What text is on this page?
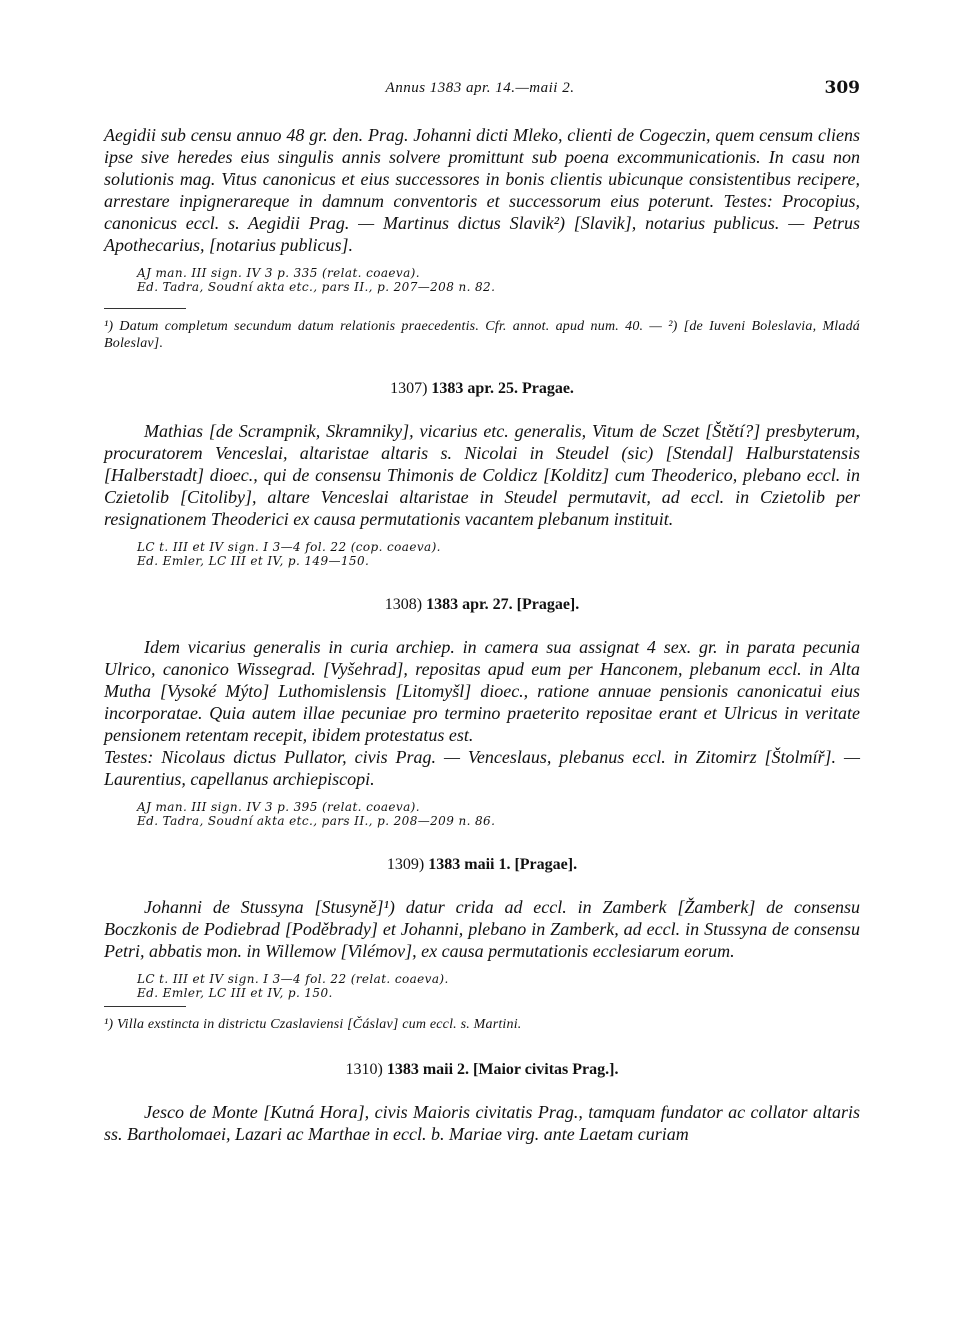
Annus 1383 apr. 14.—maii 2.	309

Aegidii sub censu annuo 48 gr. den. Prag. Johanni dicti Mleko, clienti de Cogeczin, quem censum cliens ipse sive heredes eius singulis annis solvere promittunt sub poena excommunicationis. In casu non solutionis mag. Vitus canonicus et eius successores in bonis clientis ubicunque consistentibus recipere, arrestare inpignerareque in damnum conventoris et successorum eius poterunt. Testes: Procopius, canonicus eccl. s. Aegidii Prag. — Martinus dictus Slavik²) [Slavik], notarius publicus. — Petrus Apothecarius, [notarius publicus].

AJ man. III sign. IV 3 p. 335 (relat. coaeva).
Ed. Tadra, Soudní akta etc., pars II., p. 207—208 n. 82.
¹) Datum completum secundum datum relationis praecedentis. Cfr. annot. apud num. 40. — ²) [de Iuveni Boleslavia, Mladá Boleslav].
1307) 1383 apr. 25. Pragae.

Mathias [de Scrampnik, Skramniky], vicarius etc. generalis, Vitum de Sczet [Štětí?] presbyterum, procuratorem Venceslai, altaristae altaris s. Nicolai in Steudel (sic) [Stendal] Halburstatensis [Halberstadt] dioec., qui de consensu Thimonis de Coldicz [Kolditz] cum Theoderico, plebano eccl. in Czietolib [Citoliby], altare Venceslai altaristae in Steudel permutavit, ad eccl. in Czietolib per resignationem Theoderici ex causa permutationis vacantem plebanum instituit.

LC t. III et IV sign. I 3—4 fol. 22 (cop. coaeva).
Ed. Emler, LC III et IV, p. 149—150.
1308) 1383 apr. 27. [Pragae].

Idem vicarius generalis in curia archiep. in camera sua assignat 4 sex. gr. in parata pecunia Ulrico, canonico Wissegrad. [Vyšehrad], repositas apud eum per Hanconem, plebanum eccl. in Alta Mutha [Vysoké Mýto] Luthomislensis [Litomyšl] dioec., ratione annuae pensionis canonicatui eius incorporatae. Quia autem illae pecuniae pro termino praeterito repositae erant et Ulricus in veritate pensionem retentam recepit, ibidem protestatus est.

Testes: Nicolaus dictus Pullator, civis Prag. — Venceslaus, plebanus eccl. in Zitomirz [Štolmíř]. — Laurentius, capellanus archiepiscopi.

AJ man. III sign. IV 3 p. 395 (relat. coaeva).
Ed. Tadra, Soudní akta etc., pars II., p. 208—209 n. 86.
1309) 1383 maii 1. [Pragae].

Johanni de Stussyna [Stusyně]¹) datur crida ad eccl. in Zamberk [Žamberk] de consensu Boczkonis de Podiebrad [Poděbrady] et Johanni, plebano in Zamberk, ad eccl. in Stussyna de consensu Petri, abbatis mon. in Willemow [Vilémov], ex causa permutationis ecclesiarum eorum.

LC t. III et IV sign. I 3—4 fol. 22 (relat. coaeva).
Ed. Emler, LC III et IV, p. 150.
¹) Villa exstincta in districtu Czaslaviensi [Čáslav] cum eccl. s. Martini.
1310) 1383 maii 2. [Maior civitas Prag.].

Jesco de Monte [Kutná Hora], civis Maioris civitatis Prag., tamquam fundator ac collator altaris ss. Bartholomaei, Lazari ac Marthae in eccl. b. Mariae virg. ante Laetam curiam
